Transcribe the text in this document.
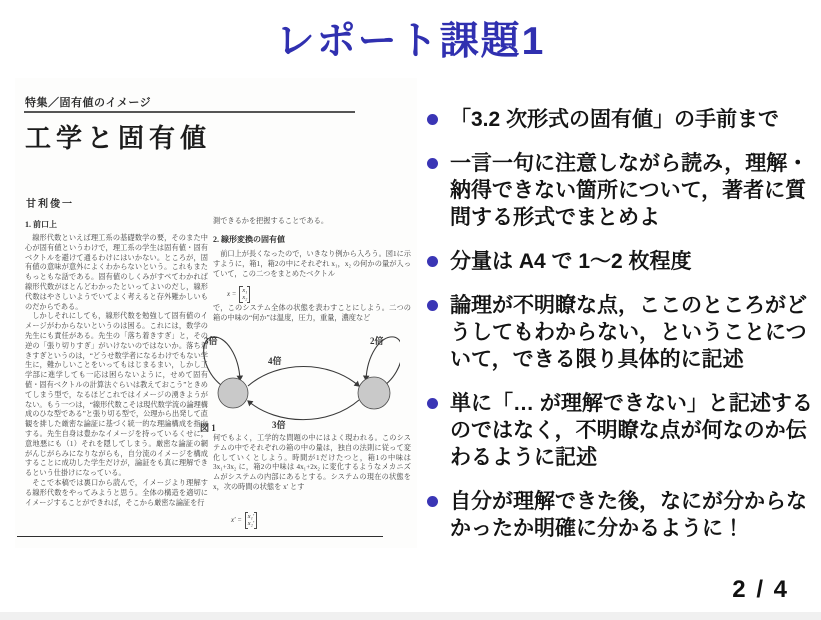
レポート課題1
特集／固有値のイメージ
工学と固有値
甘利俊一
1. 前口上

線形代数といえば理工系の基礎数学の要，そのまた中心が固有値というわけで，理工系の学生は固有値・固有ベクトルを避けて通るわけにはいかない。ところが，固有値の意味が意外によくわからないという。これもまたもっともな話である。固有値のしくみがすべてわかれば線形代数がほとんどわかったといってよいのだし，線形代数はやさしいようでいてよく考えると存外難かしいものだからである。

しかしそれにしても，線形代数を勉強して固有値のイメージがわからないというのは困る。これには，数学の先生にも責任がある。先生の「落ち着きすぎ」と，その逆の「張り切りすぎ」がいけないのではないか。落ち着きすぎというのは，“どうせ数学者になるわけでもない学生に，難かしいことをいってもはじまるまい，しかし工学部に進学しても一応は困らないように，せめて固有値・固有ベクトルの計算法ぐらいは教えておこう”ときめてしまう型で，なるほどこれではイメージの湧きようがない。もう一つは，“線形代数こそは現代数学流の論理構成のひな型である”と張り切る型で，公理から出発して直観を排した厳密な論証に基づく統一的な理論構成を指向する。先生自身は豊かなイメージを持っているくせに，意地悪にも（1）それを隠してしまう。厳密な論証の網がんじがらみになりながらも，自分流のイメージを構成することに成功した学生だけが，論証をも真に理解できるという仕掛けになっている。

そこで本稿では裏口から読んで，イメージより理解する線形代数をやってみようと思う。全体の構造を適切にイメージすることができれば，そこから厳密な論証を行

測できるかを把握することである。
2. 線形変換の固有値
前口上が長くなったので，いきなり例から入ろう。図1に示すように，箱1，箱2の中にそれぞれ x₁，x₂ の何かの量が入っていて，この二つをまとめたベクトル
x = x₁
x₂
で，このシステム全体の状態を表わすことにしよう。二つの箱の中味の“何か”は温度，圧力，重量，濃度など
3倍	2倍
4倍
3倍
図 1
何でもよく，工学的な問題の中にはよく現われる。このシステムの中でそれぞれの箱の中の量は，独自の法則に従って変化していくとしよう。時間が1だけたつと，箱1の中味は 3x₁+3x₂ に，箱2の中味は 4x₁+2x₂ に変化するようなメカニズムがシステムの内部にあるとする。システムの現在の状態を x，次の時間の状態を x′ とす
x′ = x₁′
x₂′
「3.2 次形式の固有値」の手前まで
一言一句に注意しながら読み，理解・納得できない箇所について，著者に質問する形式でまとめよ
分量は A4 で 1～2 枚程度
論理が不明瞭な点，ここのところがどうしてもわからない，ということについて，できる限り具体的に記述
単に「… が理解できない」と記述するのではなく，不明瞭な点が何なのか伝わるように記述
自分が理解できた後，なにが分からなかったか明確に分かるように！
2 / 4
